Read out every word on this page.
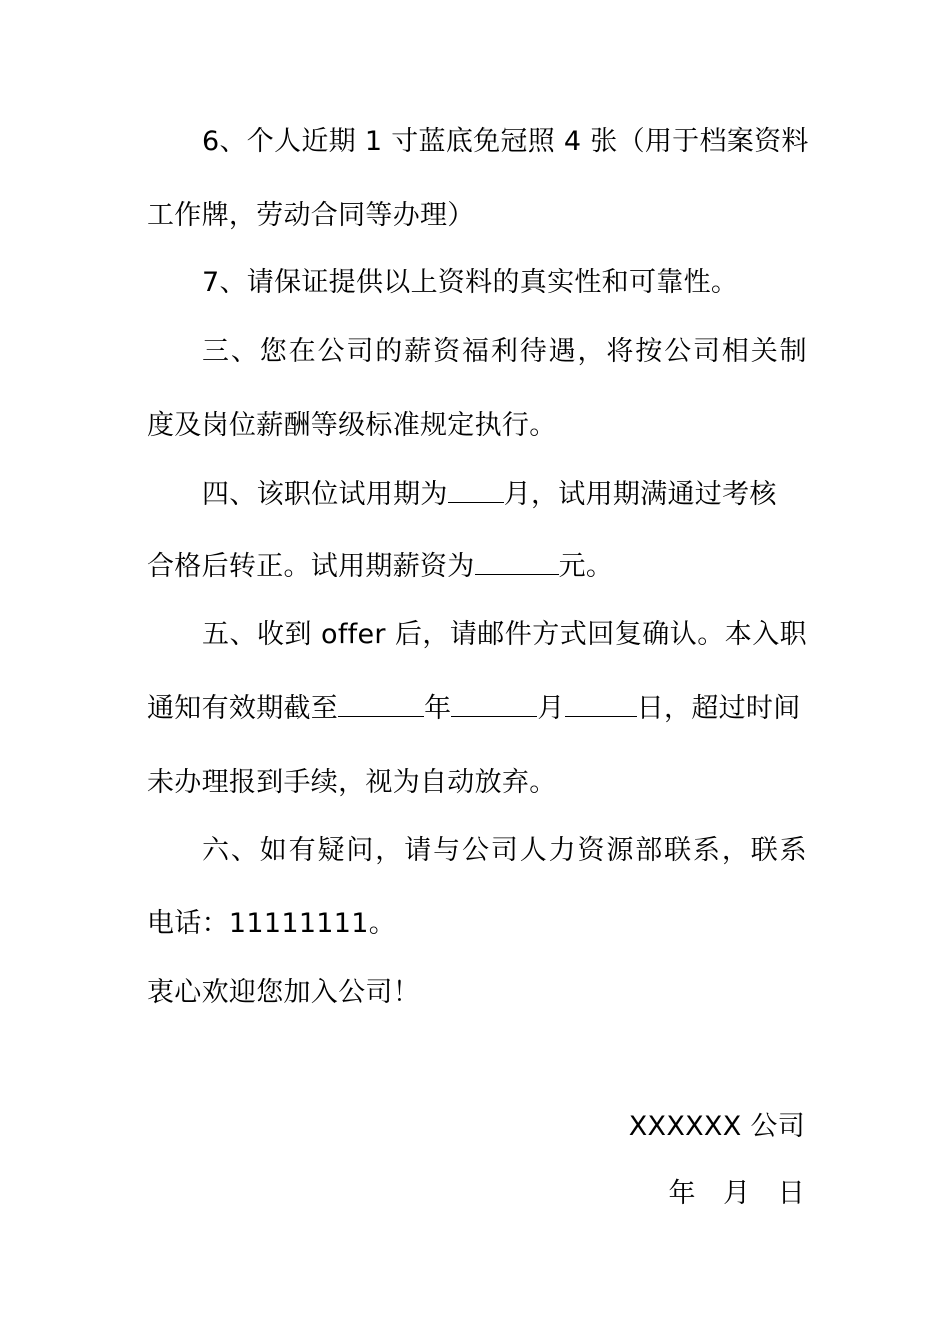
6、个人近期 1 寸蓝底免冠照 4 张（用于档案资料
工作牌，劳动合同等办理）
7、请保证提供以上资料的真实性和可靠性。
三、您在公司的薪资福利待遇，将按公司相关制
度及岗位薪酬等级标准规定执行。
四、该职位试用期为 月，试用期满通过考核
合格后转正。试用期薪资为	元。
五、收到 offer 后，请邮件方式回复确认。本入职
通知有效期截至	年	月	日，超过时间
未办理报到手续，视为自动放弃。
六、如有疑问，请与公司人力资源部联系，联系
电话：11111111。
衷心欢迎您加入公司！
XXXXXX 公司
年　月　日
